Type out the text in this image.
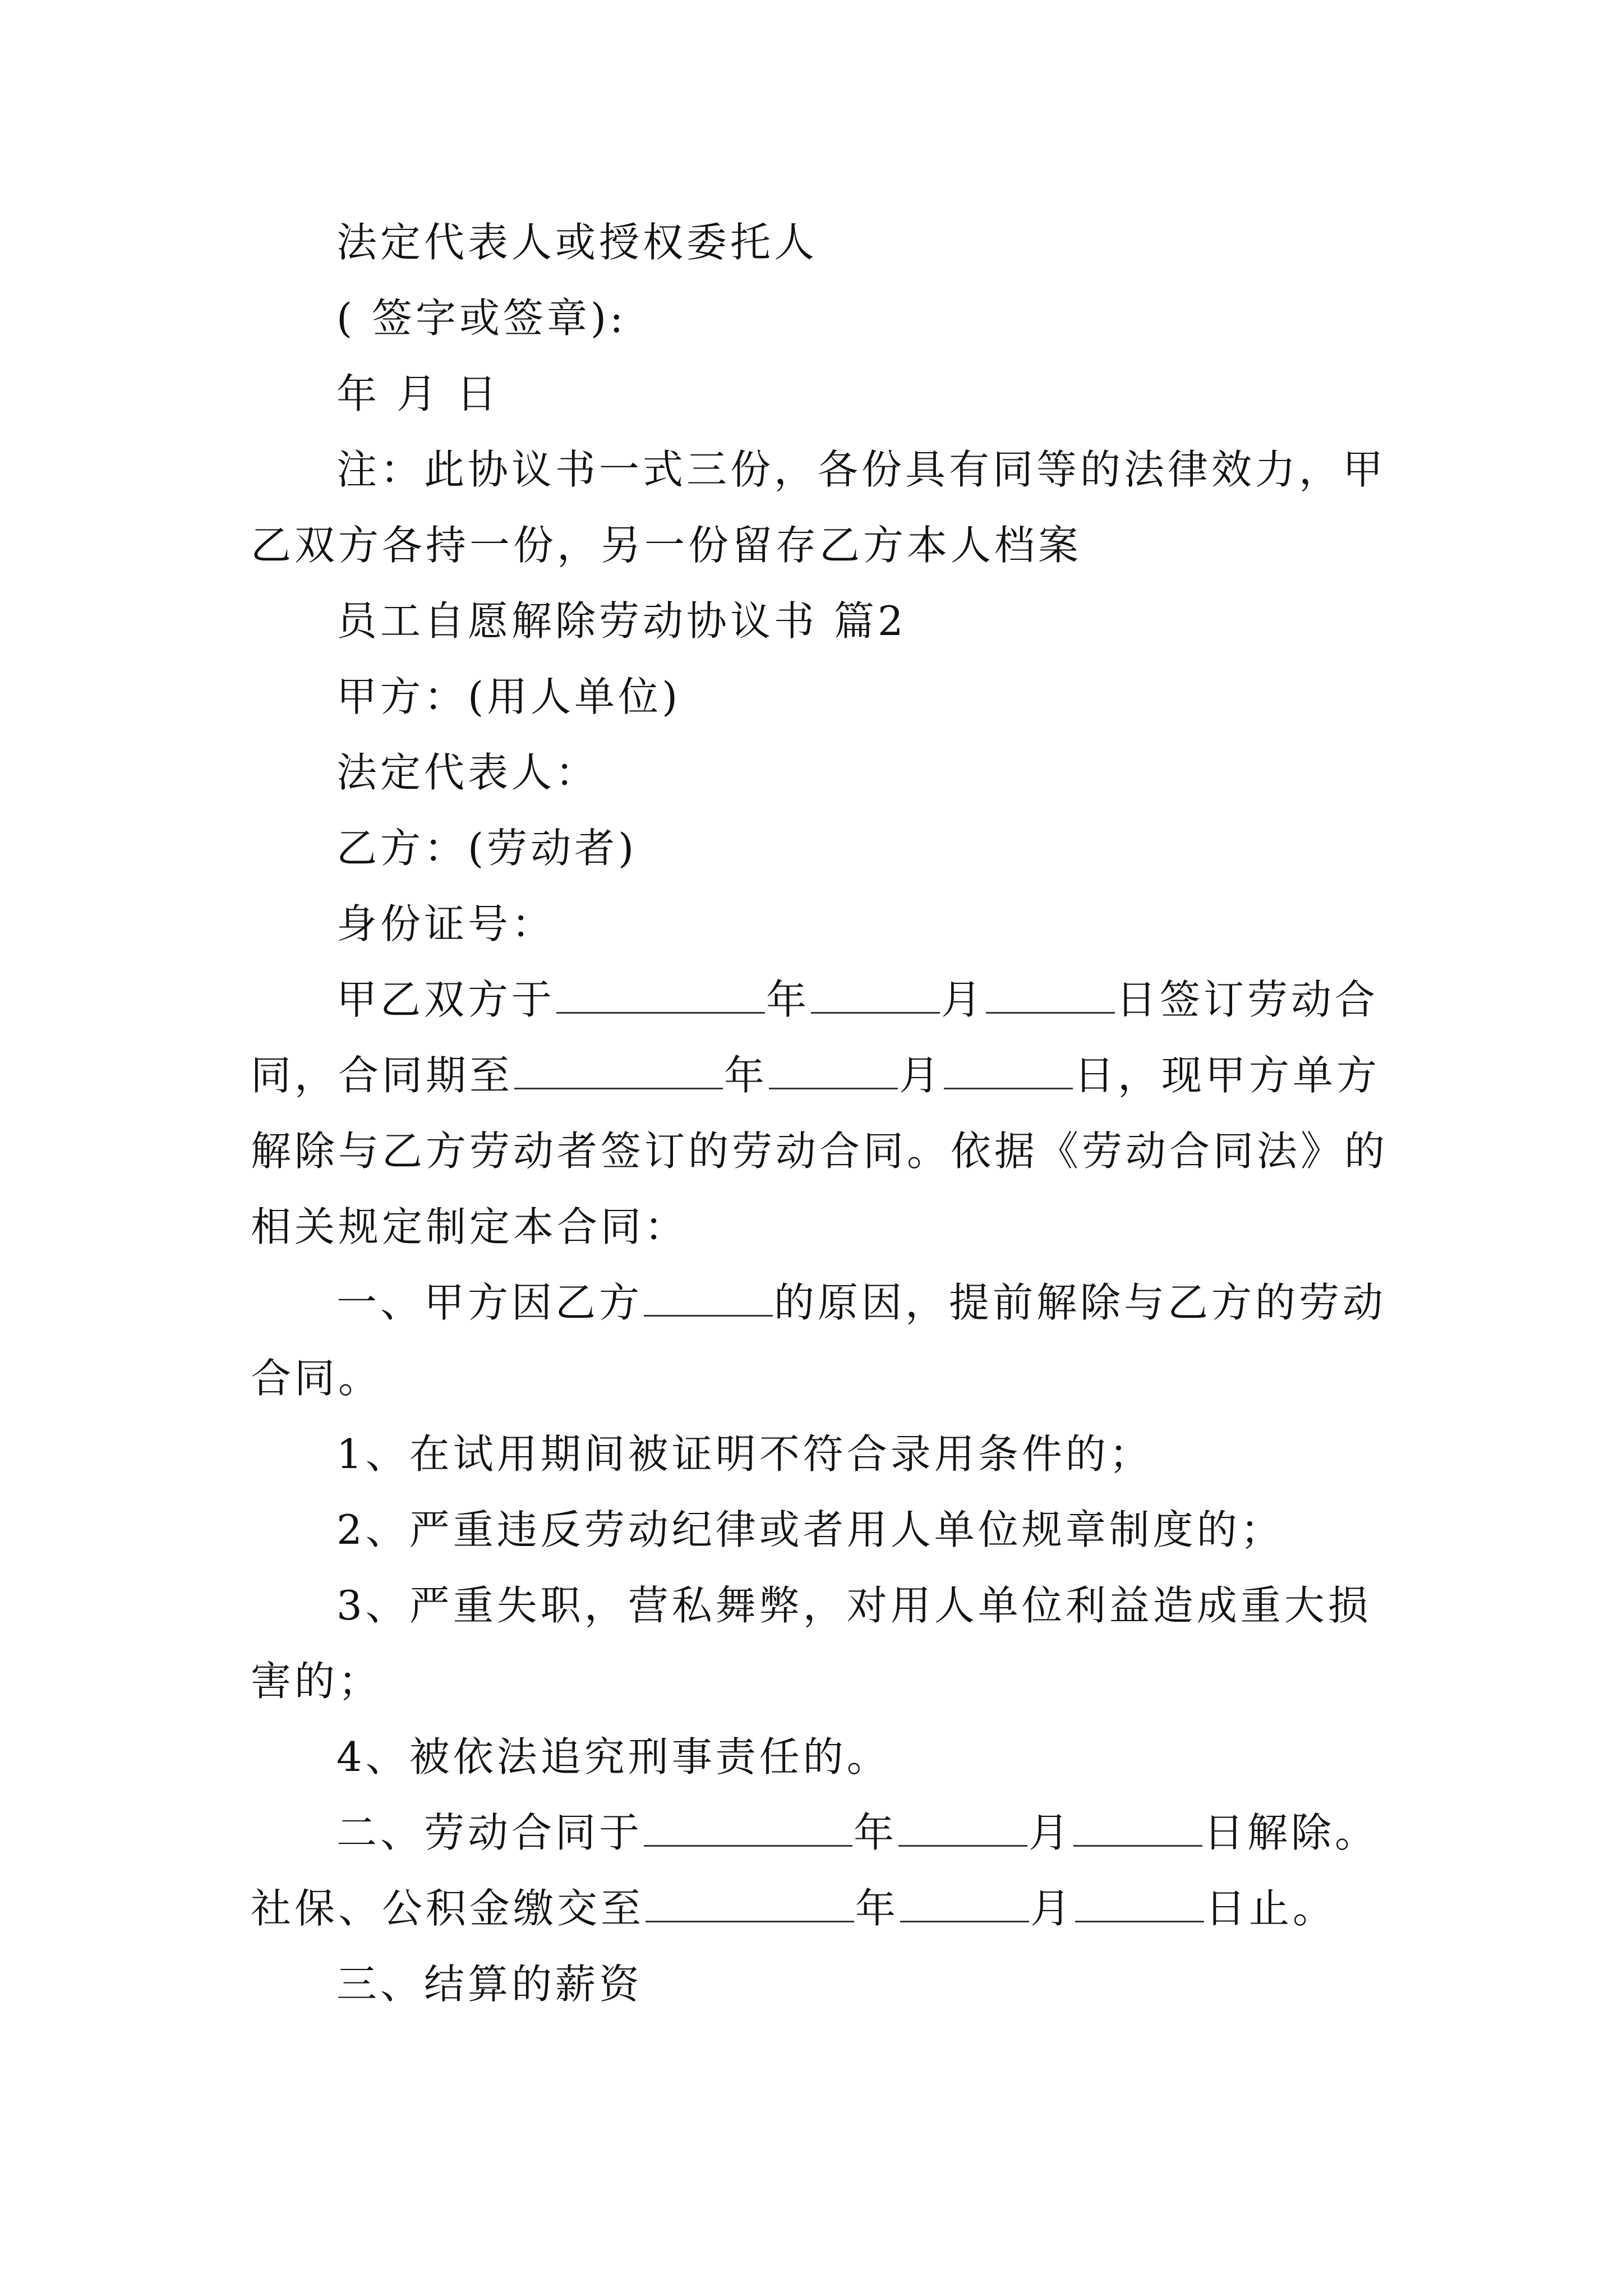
法定代表人或授权委托人
( 签字或签章):
年 月 日
注：此协议书一式三份，各份具有同等的法律效力，甲
乙双方各持一份，另一份留存乙方本人档案
员工自愿解除劳动协议书 篇2
甲方：(用人单位)
法定代表人：
乙方：(劳动者)
身份证号：
甲乙双方于	年	月	日签订劳动合
同，合同期至	年	月	日，现甲方单方
解除与乙方劳动者签订的劳动合同。依据《劳动合同法》的
相关规定制定本合同：
一、甲方因乙方	的原因，提前解除与乙方的劳动
合同。
1、在试用期间被证明不符合录用条件的；
2、严重违反劳动纪律或者用人单位规章制度的；
3、严重失职，营私舞弊，对用人单位利益造成重大损
害的；
4、被依法追究刑事责任的。
二、劳动合同于	年	月	日解除。
社保、公积金缴交至	年	月	日止。
三、结算的薪资
